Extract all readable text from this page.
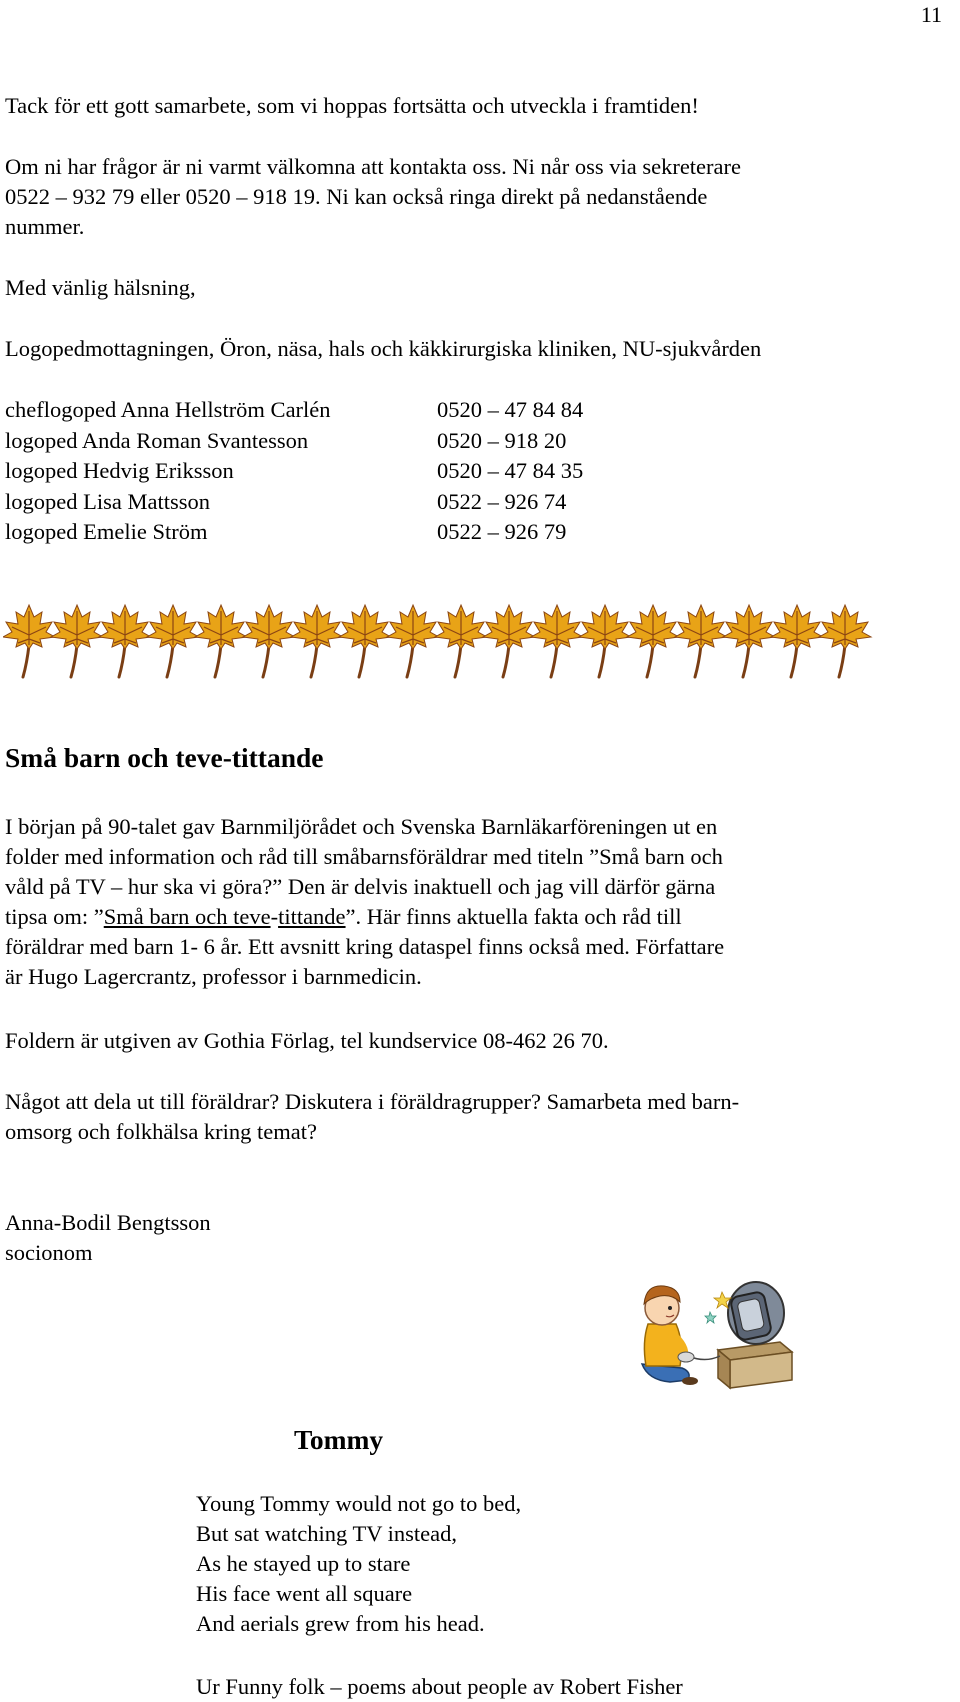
11
Tack för ett gott samarbete, som vi hoppas fortsätta och utveckla i framtiden!
Om ni har frågor är ni varmt välkomna att kontakta oss. Ni når oss via sekreterare
0522 – 932 79 eller 0520 – 918 19. Ni kan också ringa direkt på nedanstående
nummer.
Med vänlig hälsning,
Logopedmottagningen, Öron, näsa, hals och käkkirurgiska kliniken, NU-sjukvården
cheflogoped Anna Hellström Carlén	0520 – 47 84 84
logoped Anda Roman Svantesson	0520 – 918 20
logoped Hedvig Eriksson	0520 – 47 84 35
logoped Lisa Mattsson	0522 – 926 74
logoped Emelie Ström	0522 – 926 79
Små barn och teve-tittande
I början på 90-talet gav Barnmiljörådet och Svenska Barnläkarföreningen ut en
folder med information och råd till småbarnsföräldrar med titeln ”Små barn och
våld på TV – hur ska vi göra?” Den är delvis inaktuell och jag vill därför gärna
tipsa om: ”Små barn och teve-tittande”. Här finns aktuella fakta och råd till
föräldrar med barn 1- 6 år. Ett avsnitt kring dataspel finns också med. Författare
är Hugo Lagercrantz, professor i barnmedicin.
Foldern är utgiven av Gothia Förlag, tel kundservice 08-462 26 70.
Något att dela ut till föräldrar? Diskutera i föräldragrupper? Samarbeta med barn-
omsorg och folkhälsa kring temat?
Anna-Bodil Bengtsson
socionom
Tommy
Young Tommy would not go to bed,
But sat watching TV instead,
As he stayed up to stare
His face went all square
And aerials grew from his head.
Ur Funny folk – poems about people av Robert Fisher
